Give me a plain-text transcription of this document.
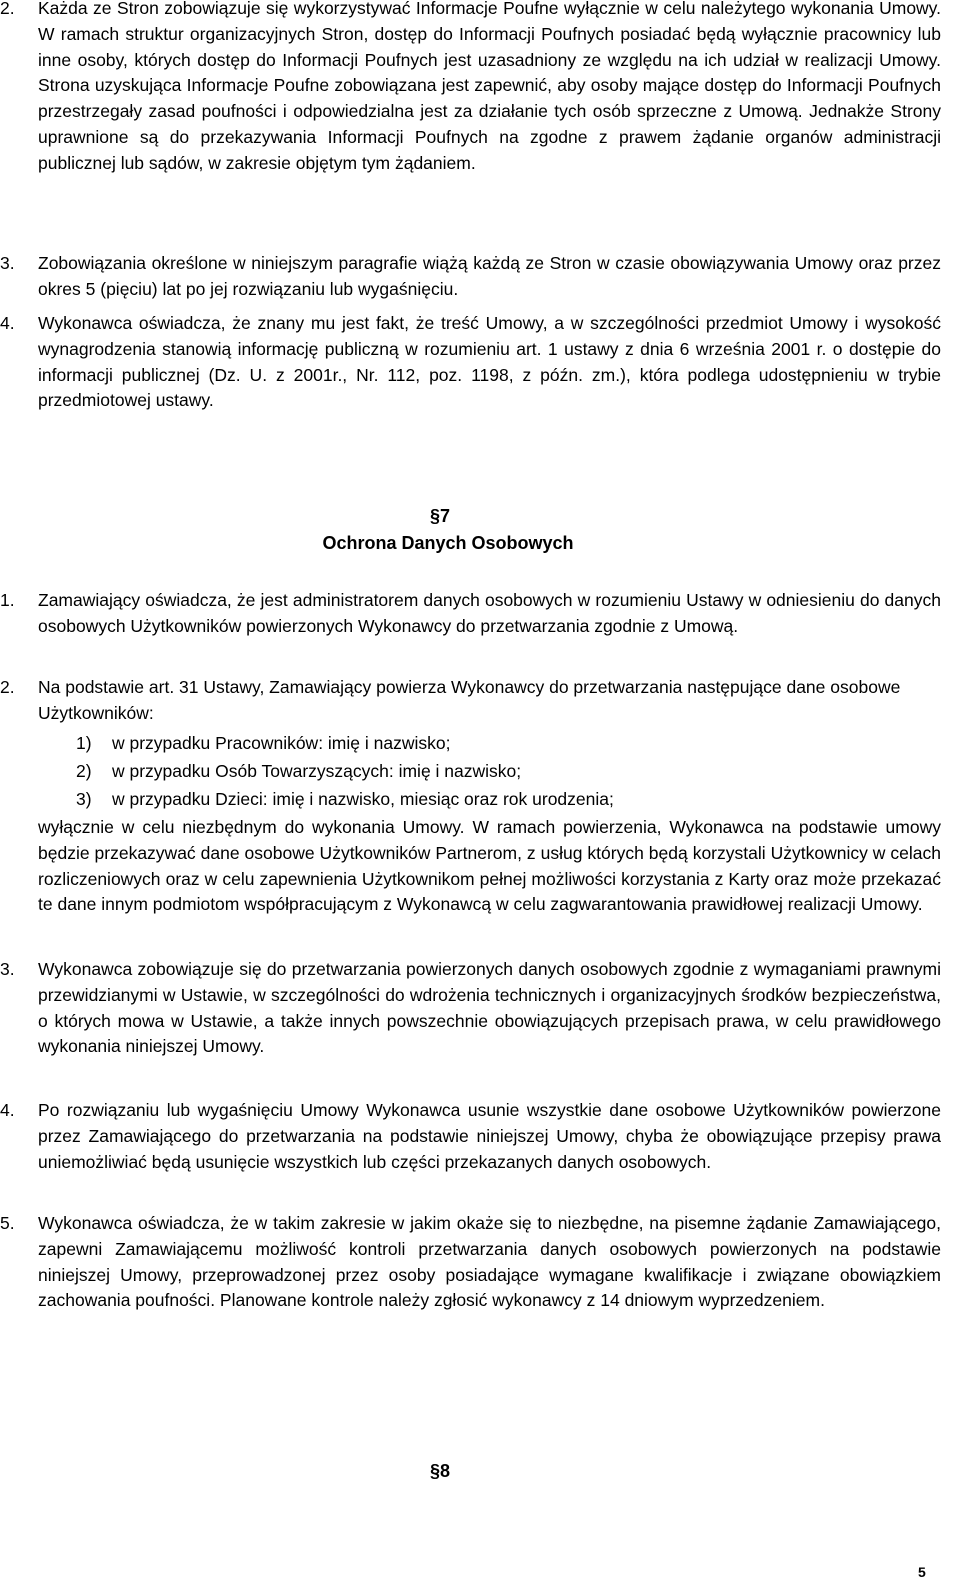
2. Każda ze Stron zobowiązuje się wykorzystywać Informacje Poufne wyłącznie w celu należytego wykonania Umowy. W ramach struktur organizacyjnych Stron, dostęp do Informacji Poufnych posiadać będą wyłącznie pracownicy lub inne osoby, których dostęp do Informacji Poufnych jest uzasadniony ze względu na ich udział w realizacji Umowy. Strona uzyskująca Informacje Poufne zobowiązana jest zapewnić, aby osoby mające dostęp do Informacji Poufnych przestrzegały zasad poufności i odpowiedzialna jest za działanie tych osób sprzeczne z Umową. Jednakże Strony uprawnione są do przekazywania Informacji Poufnych na zgodne z prawem żądanie organów administracji publicznej lub sądów, w zakresie objętym tym żądaniem.
3. Zobowiązania określone w niniejszym paragrafie wiążą każdą ze Stron w czasie obowiązywania Umowy oraz przez okres 5 (pięciu) lat po jej rozwiązaniu lub wygaśnięciu.
4. Wykonawca oświadcza, że znany mu jest fakt, że treść Umowy, a w szczególności przedmiot Umowy i wysokość wynagrodzenia stanowią informację publiczną w rozumieniu art. 1 ustawy z dnia 6 września 2001 r. o dostępie do informacji publicznej (Dz. U. z 2001r., Nr. 112, poz. 1198, z późn. zm.), która podlega udostępnieniu w trybie przedmiotowej ustawy.
§7
Ochrona Danych Osobowych
1. Zamawiający oświadcza, że jest administratorem danych osobowych w rozumieniu Ustawy w odniesieniu do danych osobowych Użytkowników powierzonych Wykonawcy do przetwarzania zgodnie z Umową.
2. Na podstawie art. 31 Ustawy, Zamawiający powierza Wykonawcy do przetwarzania następujące dane osobowe Użytkowników:
1) w przypadku Pracowników: imię i nazwisko;
2) w przypadku Osób Towarzyszących: imię i nazwisko;
3) w przypadku Dzieci: imię i nazwisko, miesiąc oraz rok urodzenia;
wyłącznie w celu niezbędnym do wykonania Umowy. W ramach powierzenia, Wykonawca na podstawie umowy będzie przekazywać dane osobowe Użytkowników Partnerom, z usług których będą korzystali Użytkownicy w celach rozliczeniowych oraz w celu zapewnienia Użytkownikom pełnej możliwości korzystania z Karty oraz może przekazać te dane innym podmiotom współpracującym z Wykonawcą w celu zagwarantowania prawidłowej realizacji Umowy.
3. Wykonawca zobowiązuje się do przetwarzania powierzonych danych osobowych zgodnie z wymaganiami prawnymi przewidzianymi w Ustawie, w szczególności do wdrożenia technicznych i organizacyjnych środków bezpieczeństwa, o których mowa w Ustawie, a także innych powszechnie obowiązujących przepisach prawa, w celu prawidłowego wykonania niniejszej Umowy.
4. Po rozwiązaniu lub wygaśnięciu Umowy Wykonawca usunie wszystkie dane osobowe Użytkowników powierzone przez Zamawiającego do przetwarzania na podstawie niniejszej Umowy, chyba że obowiązujące przepisy prawa uniemożliwiać będą usunięcie wszystkich lub części przekazanych danych osobowych.
5. Wykonawca oświadcza, że w takim zakresie w jakim okaże się to niezbędne, na pisemne żądanie Zamawiającego, zapewni Zamawiającemu możliwość kontroli przetwarzania danych osobowych powierzonych na podstawie niniejszej Umowy, przeprowadzonej przez osoby posiadające wymagane kwalifikacje i związane obowiązkiem zachowania poufności. Planowane kontrole należy zgłosić wykonawcy z 14 dniowym wyprzedzeniem.
§8
5
